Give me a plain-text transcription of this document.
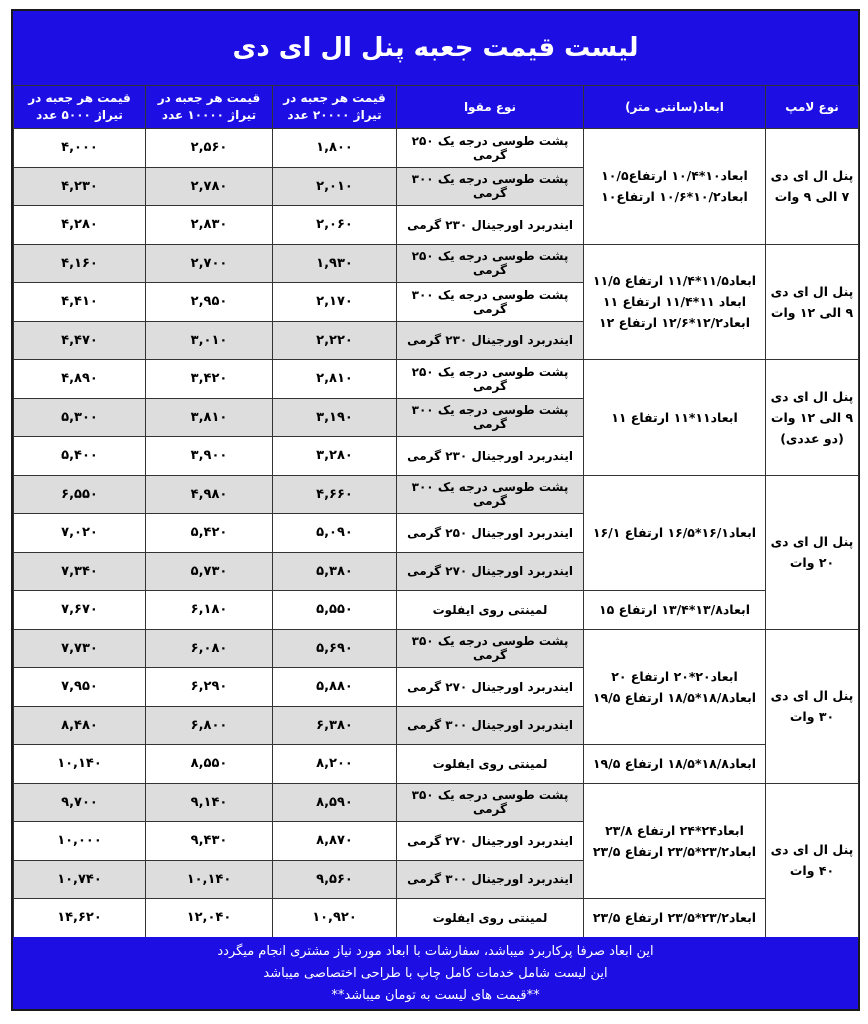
لیست قیمت جعبه پنل ال ای دی
نوع لامپ	ابعاد(سانتی متر)	نوع مقوا	قیمت هر جعبه در تیراژ ۲۰۰۰۰ عدد	قیمت هر جعبه در تیراژ ۱۰۰۰۰ عدد	قیمت هر جعبه در تیراژ ۵۰۰۰ عدد
پنل ال ای دی ۷ الی ۹ وات	ابعاد۱۰*۱۰/۴ ارتفاع۱۰/۵ ابعاد۱۰/۲*۱۰/۶ ارتفاع۱۰	پشت طوسی درجه یک ۲۵۰ گرمی	۱,۸۰۰	۲,۵۶۰	۴,۰۰۰
		پشت طوسی درجه یک ۳۰۰ گرمی	۲,۰۱۰	۲,۷۸۰	۴,۲۳۰
		ایندربرد اورجینال ۲۳۰ گرمی	۲,۰۶۰	۲,۸۳۰	۴,۲۸۰
پنل ال ای دی ۹ الی ۱۲ وات	ابعاد۱۱/۵*۱۱/۴ ارتفاع ۱۱/۵ ابعاد ۱۱*۱۱/۴ ارتفاع ۱۱ ابعاد۱۲/۲*۱۲/۶ ارتفاع ۱۲	پشت طوسی درجه یک ۲۵۰ گرمی	۱,۹۳۰	۲,۷۰۰	۴,۱۶۰
		پشت طوسی درجه یک ۳۰۰ گرمی	۲,۱۷۰	۲,۹۵۰	۴,۴۱۰
		ایندربرد اورجینال ۲۳۰ گرمی	۲,۲۲۰	۳,۰۱۰	۴,۴۷۰
پنل ال ای دی ۹ الی ۱۲ وات (دو عددی)	ابعاد۱۱*۱۱ ارتفاع ۱۱	پشت طوسی درجه یک ۲۵۰ گرمی	۲,۸۱۰	۳,۴۲۰	۴,۸۹۰
		پشت طوسی درجه یک ۳۰۰ گرمی	۳,۱۹۰	۳,۸۱۰	۵,۳۰۰
		ایندربرد اورجینال ۲۳۰ گرمی	۳,۲۸۰	۳,۹۰۰	۵,۴۰۰
پنل ال ای دی ۲۰ وات	ابعاد۱۶/۱*۱۶/۵ ارتفاع ۱۶/۱	پشت طوسی درجه یک ۳۰۰ گرمی	۴,۶۶۰	۴,۹۸۰	۶,۵۵۰
		ایندربرد اورجینال ۲۵۰ گرمی	۵,۰۹۰	۵,۴۲۰	۷,۰۲۰
		ایندربرد اورجینال ۲۷۰ گرمی	۵,۳۸۰	۵,۷۳۰	۷,۳۴۰
	ابعاد۱۳/۸*۱۳/۴ ارتفاع ۱۵	لمینتی روی ایفلوت	۵,۵۵۰	۶,۱۸۰	۷,۶۷۰
پنل ال ای دی ۳۰ وات	ابعاد۲۰*۲۰ ارتفاع ۲۰ ابعاد۱۸/۸*۱۸/۵ ارتفاع ۱۹/۵	پشت طوسی درجه یک ۳۵۰ گرمی	۵,۶۹۰	۶,۰۸۰	۷,۷۳۰
		ایندربرد اورجینال ۲۷۰ گرمی	۵,۸۸۰	۶,۲۹۰	۷,۹۵۰
		ایندربرد اورجینال ۳۰۰ گرمی	۶,۳۸۰	۶,۸۰۰	۸,۴۸۰
	ابعاد۱۸/۸*۱۸/۵ ارتفاع ۱۹/۵	لمینتی روی ایفلوت	۸,۲۰۰	۸,۵۵۰	۱۰,۱۴۰
پنل ال ای دی ۴۰ وات	ابعاد۲۴*۲۴ ارتفاع ۲۳/۸ ابعاد۲۳/۲*۲۳/۵ ارتفاع ۲۳/۵	پشت طوسی درجه یک ۳۵۰ گرمی	۸,۵۹۰	۹,۱۴۰	۹,۷۰۰
		ایندربرد اورجینال ۲۷۰ گرمی	۸,۸۷۰	۹,۴۳۰	۱۰,۰۰۰
		ایندربرد اورجینال ۳۰۰ گرمی	۹,۵۶۰	۱۰,۱۴۰	۱۰,۷۴۰
	ابعاد۲۳/۲*۲۳/۵ ارتفاع ۲۳/۵	لمینتی روی ایفلوت	۱۰,۹۲۰	۱۲,۰۴۰	۱۴,۶۲۰
این ابعاد صرفا پرکاربرد میباشد، سفارشات با ابعاد مورد نیاز مشتری انجام میگردد
این لیست شامل خدمات کامل چاپ با طراحی اختصاصی میباشد
**قیمت های لیست به تومان میباشد**
